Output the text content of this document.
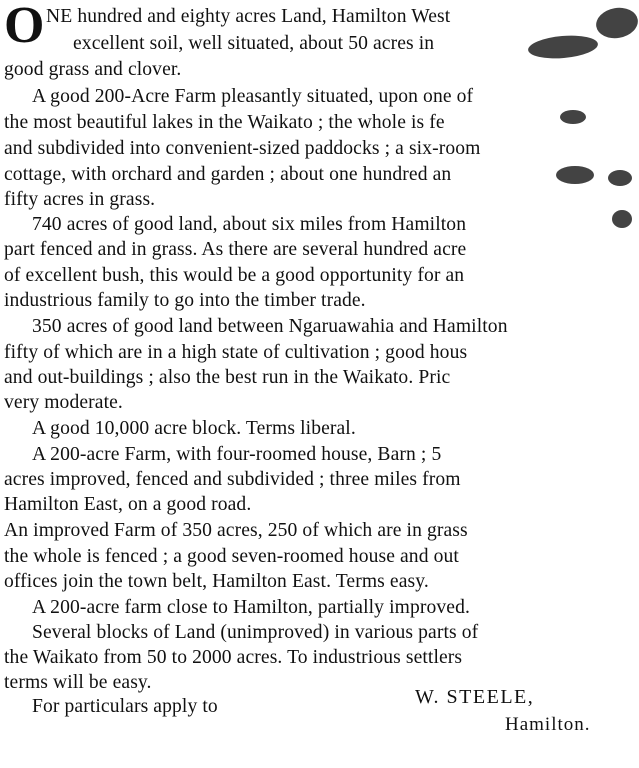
O NE hundred and eighty acres Land, Hamilton West
excellent soil, well situated, about 50 acres in
good grass and clover.
A good 200-Acre Farm pleasantly situated, upon one of
the most beautiful lakes in the Waikato ; the whole is fe
and subdivided into convenient-sized paddocks ; a six-room
cottage, with orchard and garden ; about one hundred an
fifty acres in grass.
740 acres of good land, about six miles from Hamilton
part fenced and in grass. As there are several hundred acre
of excellent bush, this would be a good opportunity for an
industrious family to go into the timber trade.
350 acres of good land between Ngaruawahia and Hamilton
fifty of which are in a high state of cultivation ; good hous
and out-buildings ; also the best run in the Waikato. Pric
very moderate.
A good 10,000 acre block. Terms liberal.
A 200-acre Farm, with four-roomed house, Barn ; 5
acres improved, fenced and subdivided ; three miles from
Hamilton East, on a good road.
An improved Farm of 350 acres, 250 of which are in grass
the whole is fenced ; a good seven-roomed house and out
offices join the town belt, Hamilton East. Terms easy.
A 200-acre farm close to Hamilton, partially improved.
Several blocks of Land (unimproved) in various parts of
the Waikato from 50 to 2000 acres. To industrious settlers
terms will be easy.
For particulars apply to	W. STEELE,
Hamilton.
